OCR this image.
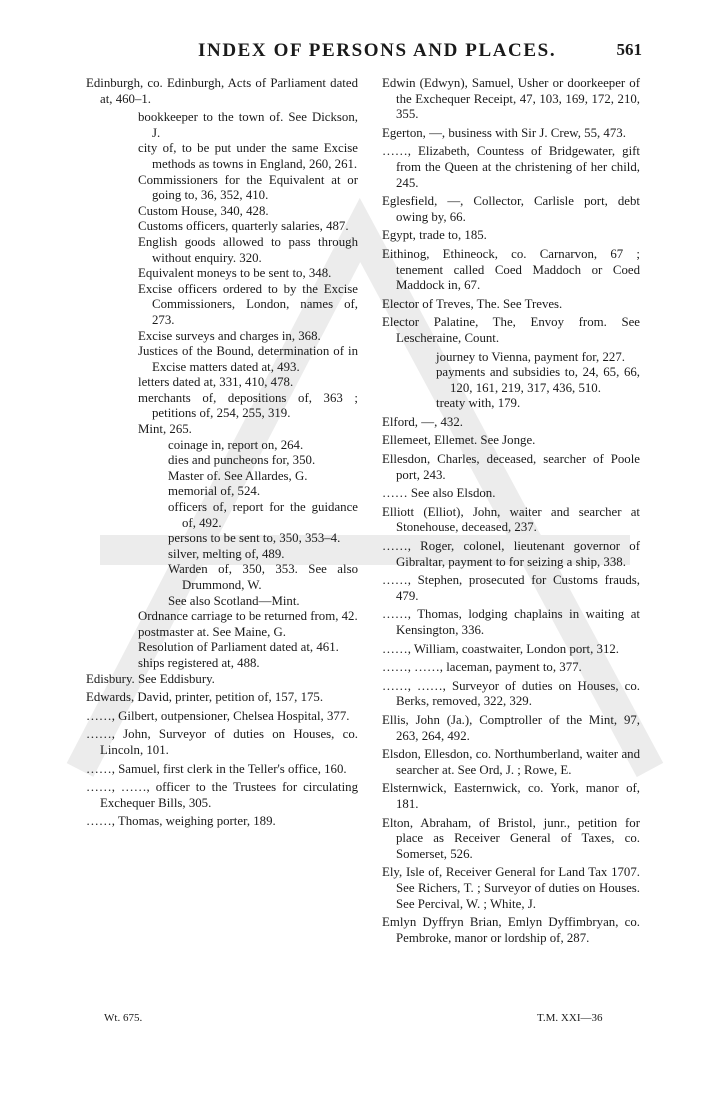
INDEX OF PERSONS AND PLACES.	561

Edinburgh, co. Edinburgh, Acts of Parliament dated at, 460–1.

bookkeeper to the town of. See Dickson, J.

city of, to be put under the same Excise methods as towns in England, 260, 261.

Commissioners for the Equivalent at or going to, 36, 352, 410.

Custom House, 340, 428.

Customs officers, quarterly salaries, 487.

English goods allowed to pass through without enquiry. 320.

Equivalent moneys to be sent to, 348.

Excise officers ordered to by the Excise Commissioners, London, names of, 273.

Excise surveys and charges in, 368.

Justices of the Bound, determination of in Excise matters dated at, 493.

letters dated at, 331, 410, 478.

merchants of, depositions of, 363 ; petitions of, 254, 255, 319.

Mint, 265.

coinage in, report on, 264.

dies and puncheons for, 350.

Master of. See Allardes, G.

memorial of, 524.

officers of, report for the guidance of, 492.

persons to be sent to, 350, 353–4.

silver, melting of, 489.

Warden of, 350, 353. See also Drummond, W.

See also Scotland—Mint.

Ordnance carriage to be returned from, 42.

postmaster at. See Maine, G.

Resolution of Parliament dated at, 461.

ships registered at, 488.

Edisbury. See Eddisbury.

Edwards, David, printer, petition of, 157, 175.

……, Gilbert, outpensioner, Chelsea Hospital, 377.

……, John, Surveyor of duties on Houses, co. Lincoln, 101.

……, Samuel, first clerk in the Teller's office, 160.

……, ……, officer to the Trustees for circulating Exchequer Bills, 305.

……, Thomas, weighing porter, 189.

Edwin (Edwyn), Samuel, Usher or doorkeeper of the Exchequer Receipt, 47, 103, 169, 172, 210, 355.

Egerton, —, business with Sir J. Crew, 55, 473.

……, Elizabeth, Countess of Bridgewater, gift from the Queen at the christening of her child, 245.

Eglesfield, —, Collector, Carlisle port, debt owing by, 66.

Egypt, trade to, 185.

Eithinog, Ethineock, co. Carnarvon, 67 ; tenement called Coed Maddoch or Coed Maddock in, 67.

Elector of Treves, The. See Treves.

Elector Palatine, The, Envoy from. See Lescheraine, Count.

journey to Vienna, payment for, 227.

payments and subsidies to, 24, 65, 66, 120, 161, 219, 317, 436, 510.

treaty with, 179.

Elford, —, 432.

Ellemeet, Ellemet. See Jonge.

Ellesdon, Charles, deceased, searcher of Poole port, 243.

…… See also Elsdon.

Elliott (Elliot), John, waiter and searcher at Stonehouse, deceased, 237.

……, Roger, colonel, lieutenant governor of Gibraltar, payment to for seizing a ship, 338.

……, Stephen, prosecuted for Customs frauds, 479.

……, Thomas, lodging chaplains in waiting at Kensington, 336.

……, William, coastwaiter, London port, 312.

……, ……, laceman, payment to, 377.

……, ……, Surveyor of duties on Houses, co. Berks, removed, 322, 329.

Ellis, John (Ja.), Comptroller of the Mint, 97, 263, 264, 492.

Elsdon, Ellesdon, co. Northumberland, waiter and searcher at. See Ord, J. ; Rowe, E.

Elsternwick, Easternwick, co. York, manor of, 181.

Elton, Abraham, of Bristol, junr., petition for place as Receiver General of Taxes, co. Somerset, 526.

Ely, Isle of, Receiver General for Land Tax 1707. See Richers, T. ; Surveyor of duties on Houses. See Percival, W. ; White, J.

Emlyn Dyffryn Brian, Emlyn Dyffimbryan, co. Pembroke, manor or lordship of, 287.

Wt. 675.	T.M. XXI—36
